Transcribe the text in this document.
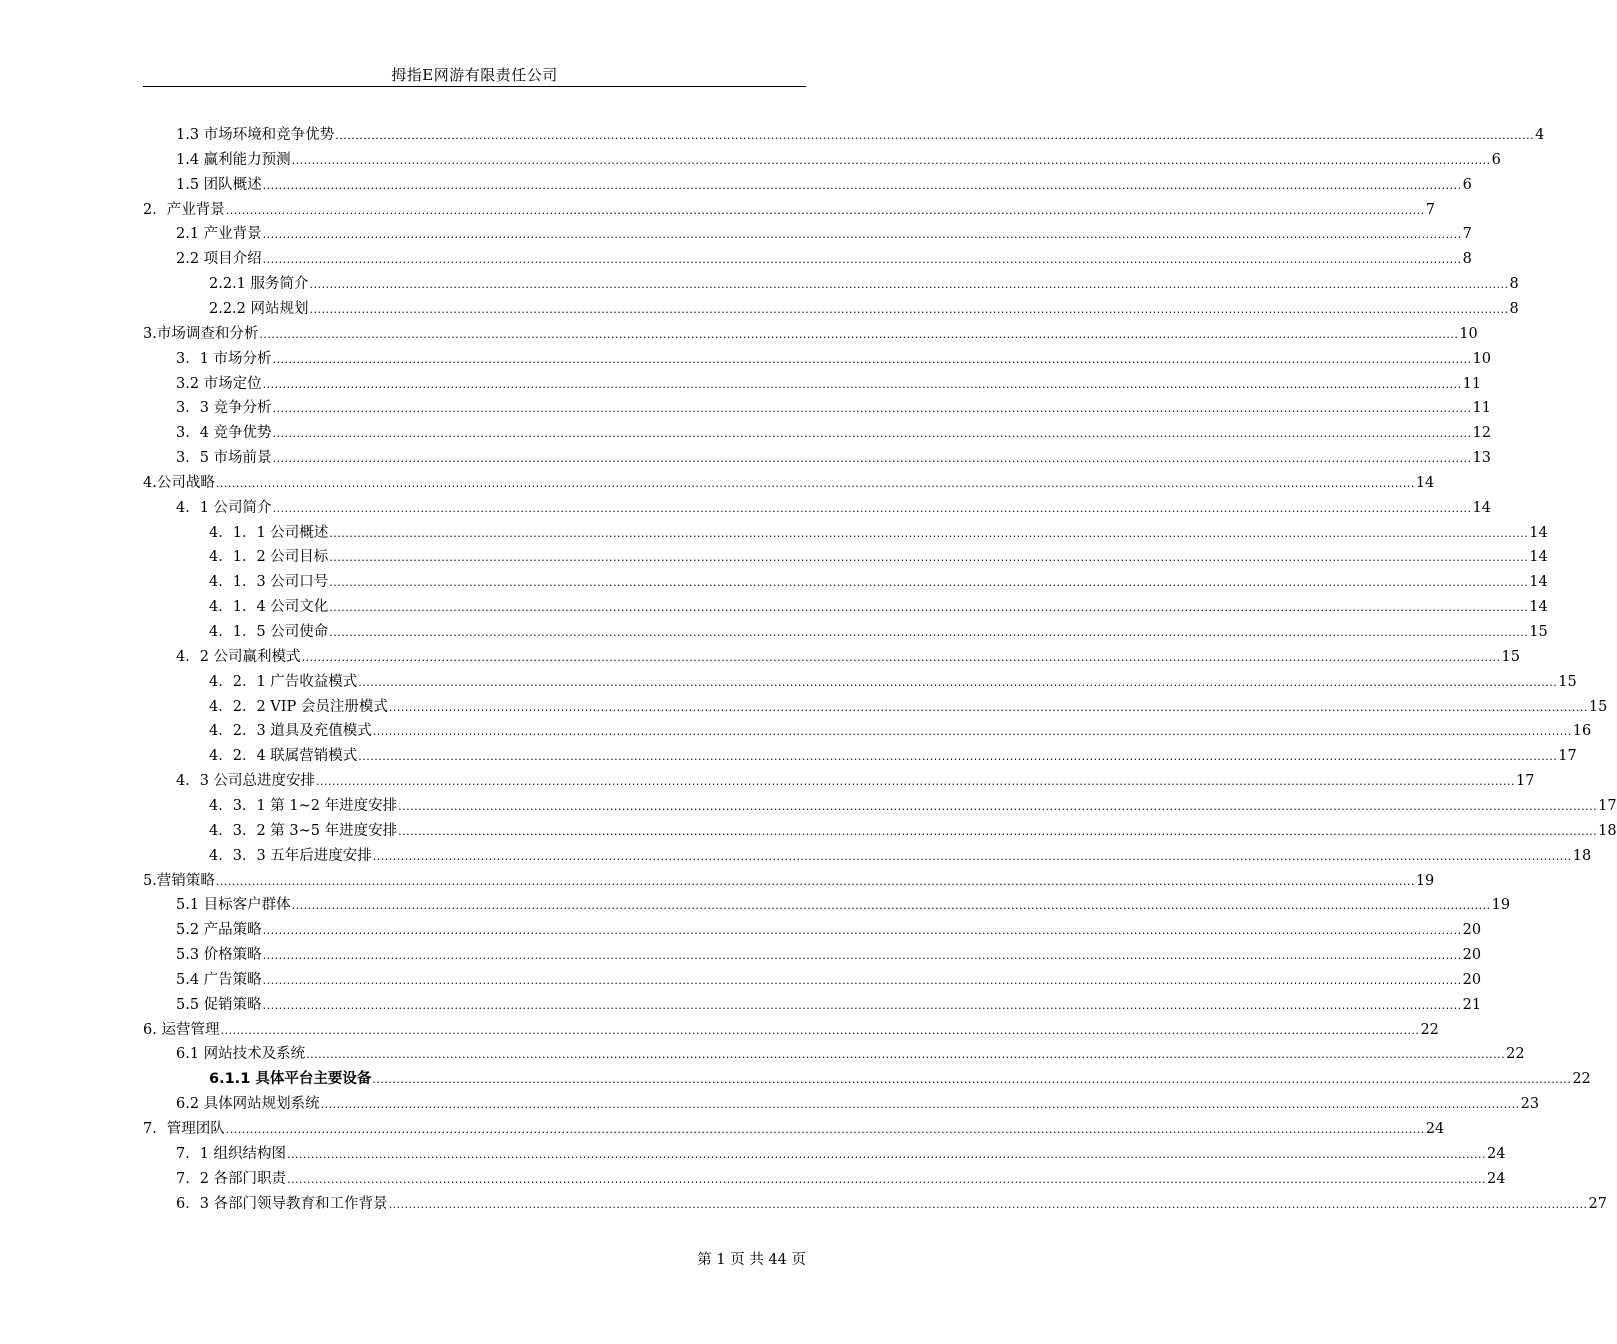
拇指E网游有限责任公司
1.3 市场环境和竞争优势 ............................................................................................................................................................................................................................................................................................................ 4
1.4 赢利能力预测 ............................................................................................................................................................................................................................................................................................................ 6
1.5 团队概述 ............................................................................................................................................................................................................................................................................................................ 6
2．产业背景 ............................................................................................................................................................................................................................................................................................................ 7
2.1 产业背景 ............................................................................................................................................................................................................................................................................................................ 7
2.2 项目介绍 ............................................................................................................................................................................................................................................................................................................ 8
2.2.1 服务简介 ............................................................................................................................................................................................................................................................................................................ 8
2.2.2 网站规划 ............................................................................................................................................................................................................................................................................................................ 8
3.市场调查和分析 ............................................................................................................................................................................................................................................................................................................ 10
3．1 市场分析 ............................................................................................................................................................................................................................................................................................................ 10
3.2 市场定位 ............................................................................................................................................................................................................................................................................................................ 11
3．3 竞争分析 ............................................................................................................................................................................................................................................................................................................ 11
3．4 竞争优势 ............................................................................................................................................................................................................................................................................................................ 12
3．5 市场前景 ............................................................................................................................................................................................................................................................................................................ 13
4.公司战略 ............................................................................................................................................................................................................................................................................................................ 14
4．1 公司简介 ............................................................................................................................................................................................................................................................................................................ 14
4．1．1 公司概述 ............................................................................................................................................................................................................................................................................................................ 14
4．1．2 公司目标 ............................................................................................................................................................................................................................................................................................................ 14
4．1．3 公司口号 ............................................................................................................................................................................................................................................................................................................ 14
4．1．4 公司文化 ............................................................................................................................................................................................................................................................................................................ 14
4．1．5 公司使命 ............................................................................................................................................................................................................................................................................................................ 15
4．2 公司赢利模式 ............................................................................................................................................................................................................................................................................................................ 15
4．2．1 广告收益模式 ............................................................................................................................................................................................................................................................................................................ 15
4．2．2 VIP 会员注册模式 ............................................................................................................................................................................................................................................................................................................ 15
4．2．3 道具及充值模式 ............................................................................................................................................................................................................................................................................................................ 16
4．2．4 联属营销模式 ............................................................................................................................................................................................................................................................................................................ 17
4．3 公司总进度安排 ............................................................................................................................................................................................................................................................................................................ 17
4．3．1 第 1~2 年进度安排 ............................................................................................................................................................................................................................................................................................................ 17
4．3．2 第 3~5 年进度安排 ............................................................................................................................................................................................................................................................................................................ 18
4．3．3 五年后进度安排 ............................................................................................................................................................................................................................................................................................................ 18
5.营销策略 ............................................................................................................................................................................................................................................................................................................ 19
5.1 目标客户群体 ............................................................................................................................................................................................................................................................................................................ 19
5.2 产品策略 ............................................................................................................................................................................................................................................................................................................ 20
5.3 价格策略 ............................................................................................................................................................................................................................................................................................................ 20
5.4 广告策略 ............................................................................................................................................................................................................................................................................................................ 20
5.5 促销策略 ............................................................................................................................................................................................................................................................................................................ 21
6. 运营管理 ............................................................................................................................................................................................................................................................................................................ 22
6.1 网站技术及系统 ............................................................................................................................................................................................................................................................................................................ 22
6.1.1 具体平台主要设备 ............................................................................................................................................................................................................................................................................................................ 22
6.2 具体网站规划系统 ............................................................................................................................................................................................................................................................................................................ 23
7．管理团队 ............................................................................................................................................................................................................................................................................................................ 24
7．1 组织结构图 ............................................................................................................................................................................................................................................................................................................ 24
7．2 各部门职责 ............................................................................................................................................................................................................................................................................................................ 24
6．3 各部门领导教育和工作背景 ............................................................................................................................................................................................................................................................................................................ 27
第 1 页 共 44 页
